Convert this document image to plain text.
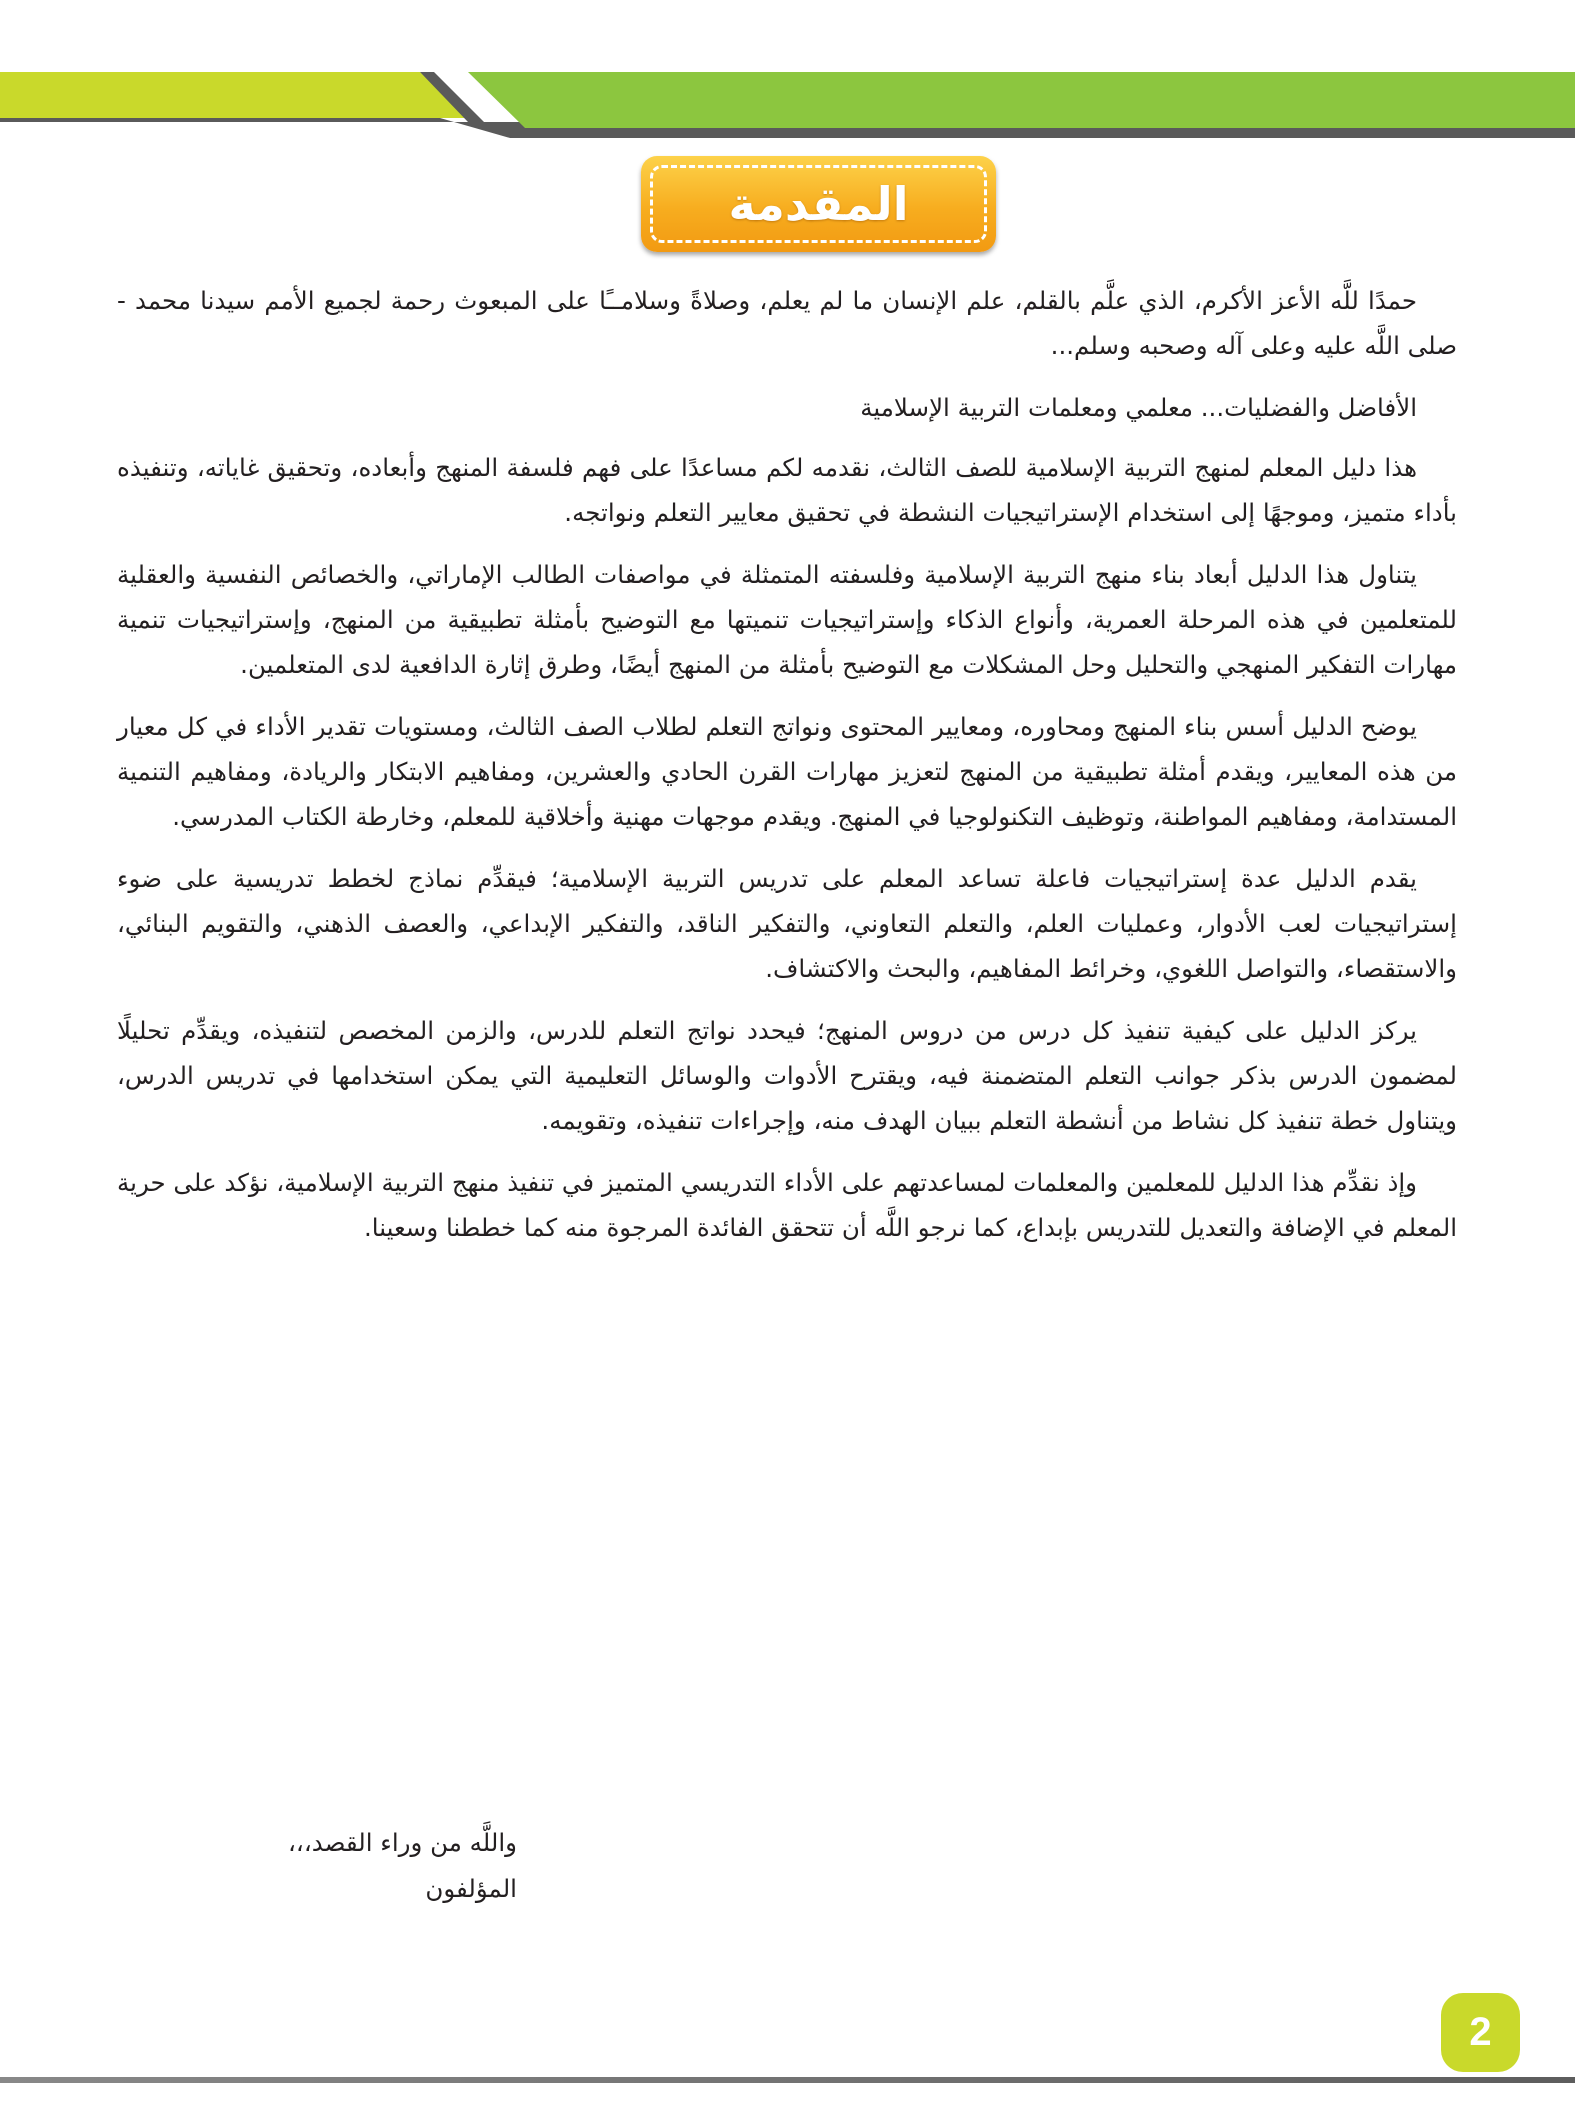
المقدمة

حمدًا للَّه الأعز الأكرم، الذي علَّم بالقلم، علم الإنسان ما لم يعلم، وصلاةً وسلامــًا على المبعوث رحمة لجميع الأمم سيدنا محمد - صلى اللَّه عليه وعلى آله وصحبه وسلم...

الأفاضل والفضليات... معلمي ومعلمات التربية الإسلامية

هذا دليل المعلم لمنهج التربية الإسلامية للصف الثالث، نقدمه لكم مساعدًا على فهم فلسفة المنهج وأبعاده، وتحقيق غاياته، وتنفيذه بأداء متميز، وموجهًا إلى استخدام الإستراتيجيات النشطة في تحقيق معايير التعلم ونواتجه.

يتناول هذا الدليل أبعاد بناء منهج التربية الإسلامية وفلسفته المتمثلة في مواصفات الطالب الإماراتي، والخصائص النفسية والعقلية للمتعلمين في هذه المرحلة العمرية، وأنواع الذكاء وإستراتيجيات تنميتها مع التوضيح بأمثلة تطبيقية من المنهج، وإستراتيجيات تنمية مهارات التفكير المنهجي والتحليل وحل المشكلات مع التوضيح بأمثلة من المنهج أيضًا، وطرق إثارة الدافعية لدى المتعلمين.

يوضح الدليل أسس بناء المنهج ومحاوره، ومعايير المحتوى ونواتج التعلم لطلاب الصف الثالث، ومستويات تقدير الأداء في كل معيار من هذه المعايير، ويقدم أمثلة تطبيقية من المنهج لتعزيز مهارات القرن الحادي والعشرين، ومفاهيم الابتكار والريادة، ومفاهيم التنمية المستدامة، ومفاهيم المواطنة، وتوظيف التكنولوجيا في المنهج. ويقدم موجهات مهنية وأخلاقية للمعلم، وخارطة الكتاب المدرسي.

يقدم الدليل عدة إستراتيجيات فاعلة تساعد المعلم على تدريس التربية الإسلامية؛ فيقدِّم نماذج لخطط تدريسية على ضوء إستراتيجيات لعب الأدوار، وعمليات العلم، والتعلم التعاوني، والتفكير الناقد، والتفكير الإبداعي، والعصف الذهني، والتقويم البنائي، والاستقصاء، والتواصل اللغوي، وخرائط المفاهيم، والبحث والاكتشاف.

يركز الدليل على كيفية تنفيذ كل درس من دروس المنهج؛ فيحدد نواتج التعلم للدرس، والزمن المخصص لتنفيذه، ويقدِّم تحليلًا لمضمون الدرس بذكر جوانب التعلم المتضمنة فيه، ويقترح الأدوات والوسائل التعليمية التي يمكن استخدامها في تدريس الدرس، ويتناول خطة تنفيذ كل نشاط من أنشطة التعلم ببيان الهدف منه، وإجراءات تنفيذه، وتقويمه.

وإذ نقدِّم هذا الدليل للمعلمين والمعلمات لمساعدتهم على الأداء التدريسي المتميز في تنفيذ منهج التربية الإسلامية، نؤكد على حرية المعلم في الإضافة والتعديل للتدريس بإبداع، كما نرجو اللَّه أن تتحقق الفائدة المرجوة منه كما خططنا وسعينا.

واللَّه من وراء القصد،،،
المؤلفون
2
